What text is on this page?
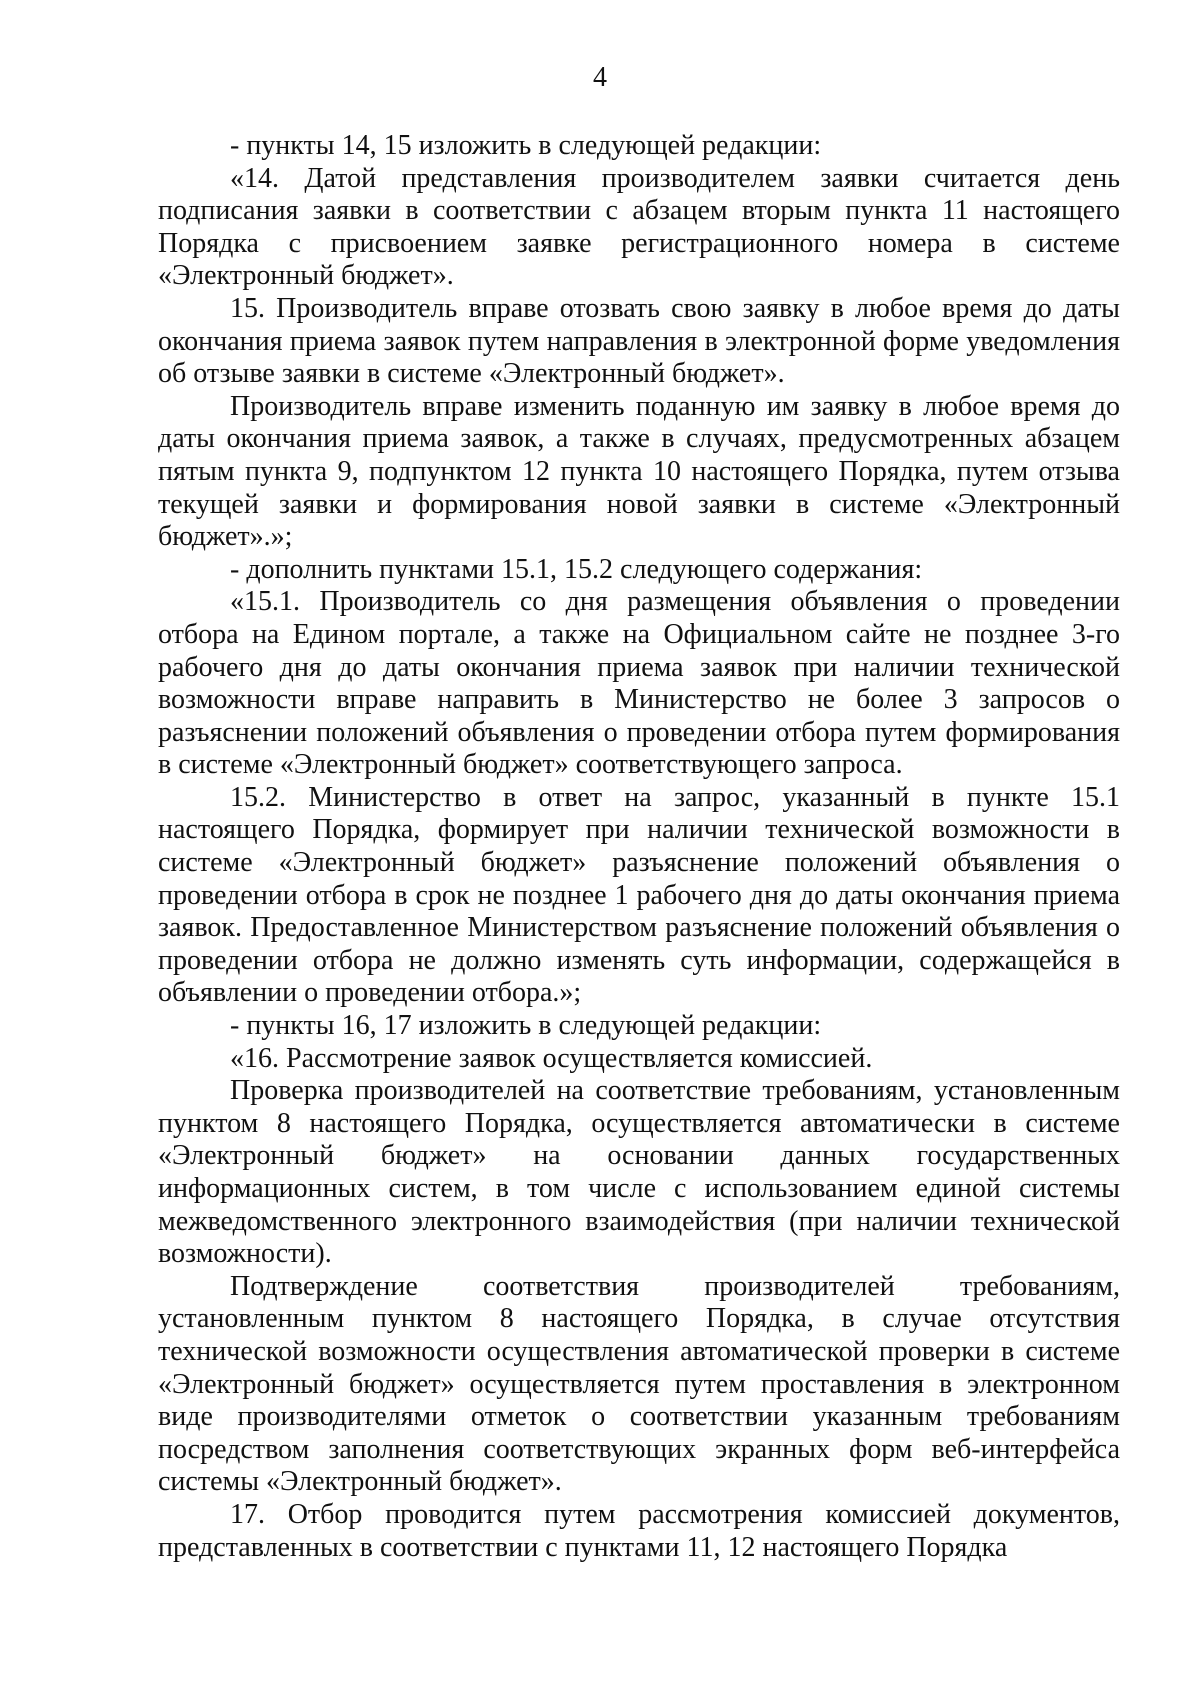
4

- пункты 14, 15 изложить в следующей редакции:

«14. Датой представления производителем заявки считается день подписания заявки в соответствии с абзацем вторым пункта 11 настоящего Порядка с присвоением заявке регистрационного номера в системе «Электронный бюджет».

15. Производитель вправе отозвать свою заявку в любое время до даты окончания приема заявок путем направления в электронной форме уведомления об отзыве заявки в системе «Электронный бюджет».

Производитель вправе изменить поданную им заявку в любое время до даты окончания приема заявок, а также в случаях, предусмотренных абзацем пятым пункта 9, подпунктом 12 пункта 10 настоящего Порядка, путем отзыва текущей заявки и формирования новой заявки в системе «Электронный бюджет».»;

- дополнить пунктами 15.1, 15.2 следующего содержания:

«15.1. Производитель со дня размещения объявления о проведении отбора на Едином портале, а также на Официальном сайте не позднее 3-го рабочего дня до даты окончания приема заявок при наличии технической возможности вправе направить в Министерство не более 3 запросов о разъяснении положений объявления о проведении отбора путем формирования в системе «Электронный бюджет» соответствующего запроса.

15.2. Министерство в ответ на запрос, указанный в пункте 15.1 настоящего Порядка, формирует при наличии технической возможности в системе «Электронный бюджет» разъяснение положений объявления о проведении отбора в срок не позднее 1 рабочего дня до даты окончания приема заявок. Предоставленное Министерством разъяснение положений объявления о проведении отбора не должно изменять суть информации, содержащейся в объявлении о проведении отбора.»;

- пункты 16, 17 изложить в следующей редакции:

«16. Рассмотрение заявок осуществляется комиссией.

Проверка производителей на соответствие требованиям, установленным пунктом 8 настоящего Порядка, осуществляется автоматически в системе «Электронный бюджет» на основании данных государственных информационных систем, в том числе с использованием единой системы межведомственного электронного взаимодействия (при наличии технической возможности).

Подтверждение соответствия производителей требованиям, установленным пунктом 8 настоящего Порядка, в случае отсутствия технической возможности осуществления автоматической проверки в системе «Электронный бюджет» осуществляется путем проставления в электронном виде производителями отметок о соответствии указанным требованиям посредством заполнения соответствующих экранных форм веб-интерфейса системы «Электронный бюджет».

17. Отбор проводится путем рассмотрения комиссией документов, представленных в соответствии с пунктами 11, 12 настоящего Порядка
